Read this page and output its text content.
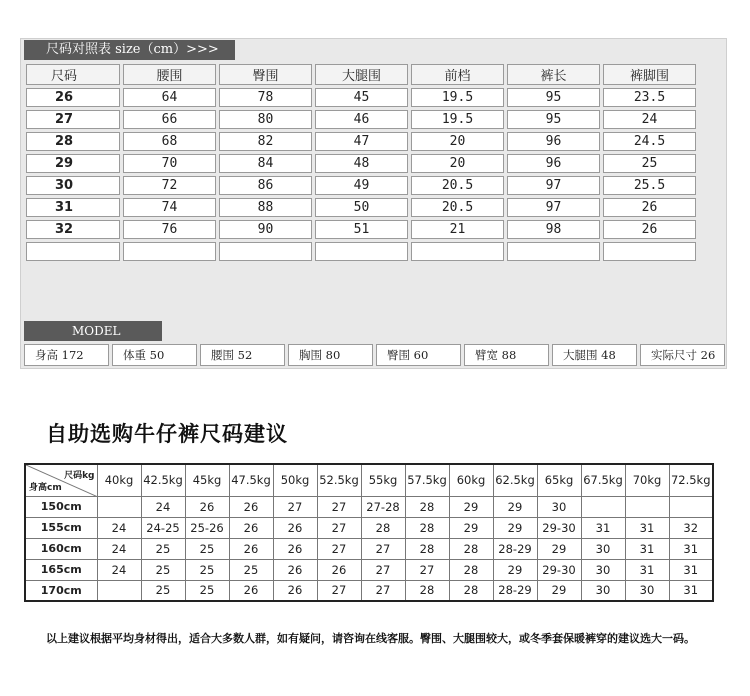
尺码对照表 size（cm）>>>
尺码	腰围	臀围	大腿围	前档	裤长	裤脚围
26	64	78	45	19.5	95	23.5
27	66	80	46	19.5	95	24
28	68	82	47	20	96	24.5
29	70	84	48	20	96	25
30	72	86	49	20.5	97	25.5
31	74	88	50	20.5	97	26
32	76	90	51	21	98	26

MODEL
身高 172	体重 50	腰围 52	胸围 80	臀围 60	臂宽 88	大腿围 48	实际尺寸 26
自助选购牛仔裤尺码建议
尺码kg
身高cm	40kg	42.5kg	45kg	47.5kg	50kg	52.5kg	55kg	57.5kg	60kg	62.5kg	65kg	67.5kg	70kg	72.5kg
150cm		24	26	26	27	27	27-28	28	29	29	30			
155cm	24	24-25	25-26	26	26	27	28	28	29	29	29-30	31	31	32
160cm	24	25	25	26	26	27	27	28	28	28-29	29	30	31	31
165cm	24	25	25	25	26	26	27	27	28	29	29-30	30	31	31
170cm		25	25	26	26	27	27	28	28	28-29	29	30	30	31
以上建议根据平均身材得出，适合大多数人群，如有疑问，请咨询在线客服。臀围、大腿围较大，或冬季套保暖裤穿的建议选大一码。
